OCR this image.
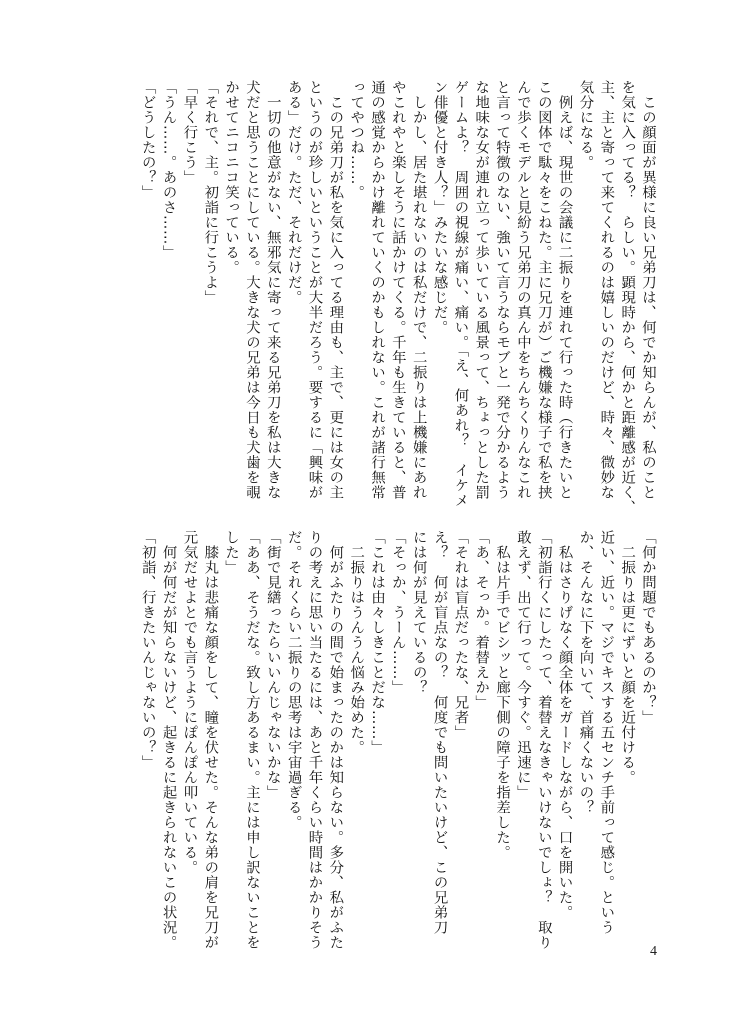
　この顔面が異様に良い兄弟刀は、何でか知らんが、私のこと
を気に入ってる？　らしい。顕現時から、何かと距離感が近く、
主、主と寄って来てくれるのは嬉しいのだけど、時々、微妙な
気分になる。
　例えば、現世の会議に二振りを連れて行った時（行きたいと
この図体で駄々をこねた。主に兄刀が）ご機嫌な様子で私を挟
んで歩くモデルと見紛う兄弟刀の真ん中をちんちくりんなこれ
と言って特徴のない、強いて言うならモブと一発で分かるよう
な地味な女が連れ立って歩いている風景って、ちょっとした罰
ゲームよ？　周囲の視線が痛い、痛い。「え、何あれ？　イケメ
ン俳優と付き人？」みたいな感じだ。
　しかし、居た堪れないのは私だけで、二振りは上機嫌にあれ
やこれやと楽しそうに話かけてくる。千年も生きていると、普
通の感覚からかけ離れていくのかもしれない。これが諸行無常
ってやつね……。
　この兄弟刀が私を気に入ってる理由も、主で、更には女の主
というのが珍しいということが大半だろう。要するに「興味が
ある」だけ。ただ、それだけだ。
　一切の他意がない、無邪気に寄って来る兄弟刀を私は大きな
犬だと思うことにしている。大きな犬の兄弟は今日も犬歯を覗
かせてニコニコ笑っている。
「それで、主。初詣に行こうよ」
「早く行こう」
「うん……。あのさ……」
「どうしたの？」
「何か問題でもあるのか？」
　二振りは更にずいと顔を近付ける。
近い、近い。マジでキスする五センチ手前って感じ。という
か、そんなに下を向いて、首痛くないの？
　私はさりげなく顔全体をガードしながら、口を開いた。
「初詣行くにしたって、着替えなきゃいけないでしょ？　取り
敢えず、出て行って。今すぐ。迅速に」
　私は片手でビシッと廊下側の障子を指差した。
「あ、そっか。着替えか」
「それは盲点だったな、兄者」
え？　何が盲点なの？　何度でも問いたいけど、この兄弟刀
には何が見えているの？
「そっか、うーん……」
「これは由々しきことだな……」
　二振りはうんうん悩み始めた。
　何がふたりの間で始まったのかは知らない。多分、私がふた
りの考えに思い当たるには、あと千年くらい時間はかかりそう
だ。それくらい二振りの思考は宇宙過ぎる。
「街で見繕ったらいいんじゃないかな」
「ああ、そうだな。致し方あるまい。主には申し訳ないことを
した」
　膝丸は悲痛な顔をして、瞳を伏せた。そんな弟の肩を兄刀が
元気だせよとでも言うようにぽんぽん叩いている。
　何が何だが知らないけど、起きるに起きられないこの状況。
「初詣、行きたいんじゃないの？」
4
